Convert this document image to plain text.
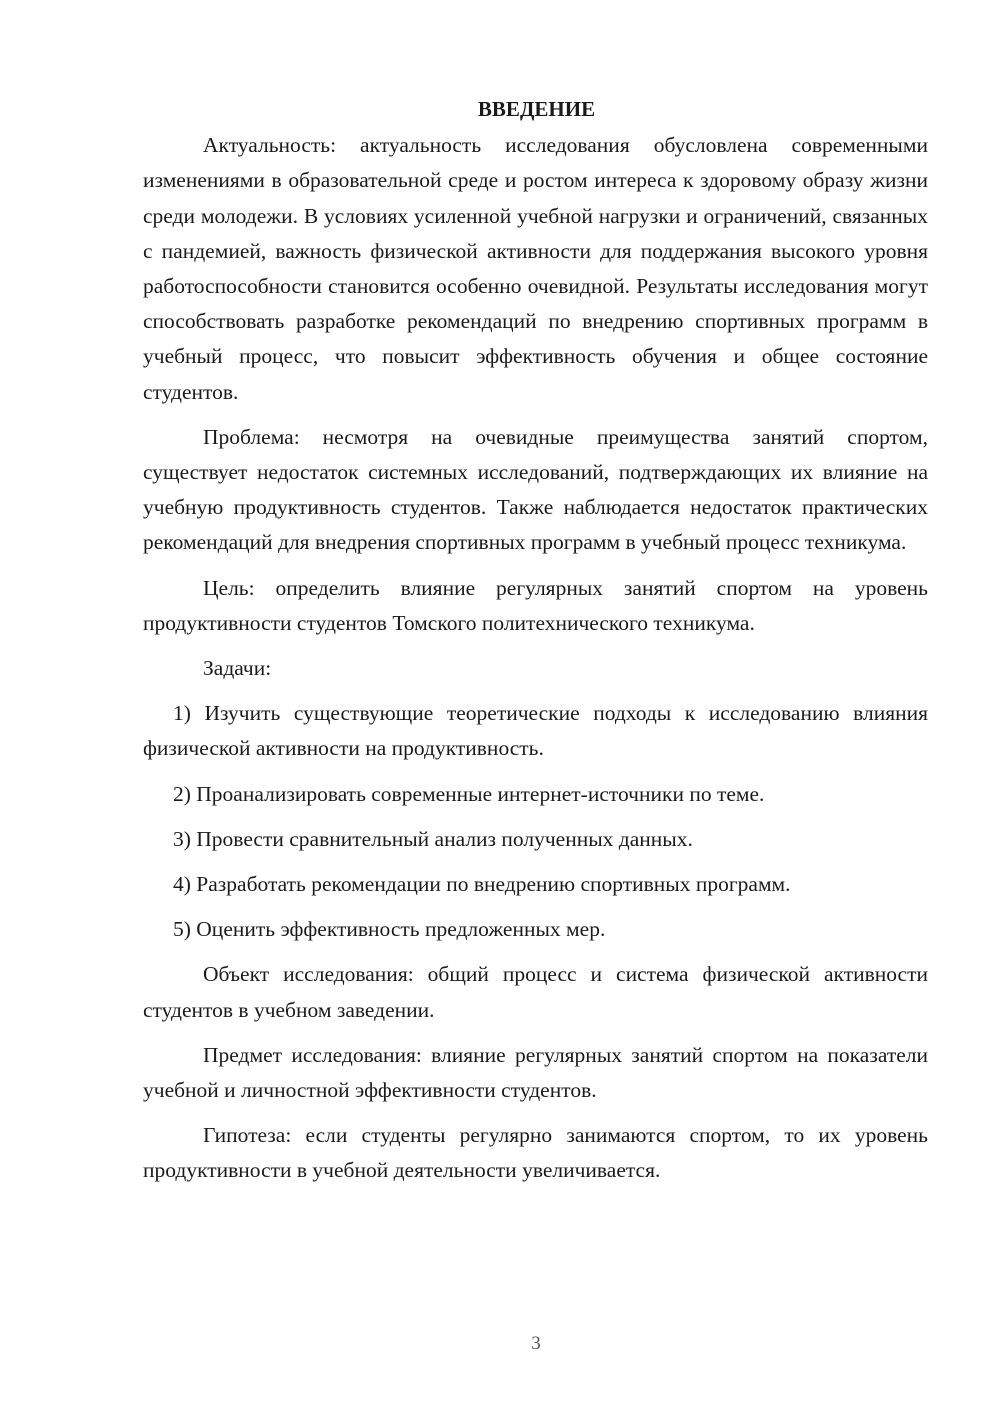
ВВЕДЕНИЕ

Актуальность: актуальность исследования обусловлена современными изменениями в образовательной среде и ростом интереса к здоровому образу жизни среди молодежи. В условиях усиленной учебной нагрузки и ограничений, связанных с пандемией, важность физической активности для поддержания высокого уровня работоспособности становится особенно очевидной. Результаты исследования могут способствовать разработке рекомендаций по внедрению спортивных программ в учебный процесс, что повысит эффективность обучения и общее состояние студентов.

Проблема: несмотря на очевидные преимущества занятий спортом, существует недостаток системных исследований, подтверждающих их влияние на учебную продуктивность студентов. Также наблюдается недостаток практических рекомендаций для внедрения спортивных программ в учебный процесс техникума.

Цель: определить влияние регулярных занятий спортом на уровень продуктивности студентов Томского политехнического техникума.

Задачи:

1) Изучить существующие теоретические подходы к исследованию влияния физической активности на продуктивность.

2) Проанализировать современные интернет-источники по теме.

3) Провести сравнительный анализ полученных данных.

4) Разработать рекомендации по внедрению спортивных программ.

5) Оценить эффективность предложенных мер.

Объект исследования: общий процесс и система физической активности студентов в учебном заведении.

Предмет исследования: влияние регулярных занятий спортом на показатели учебной и личностной эффективности студентов.

Гипотеза: если студенты регулярно занимаются спортом, то их уровень продуктивности в учебной деятельности увеличивается.

3
